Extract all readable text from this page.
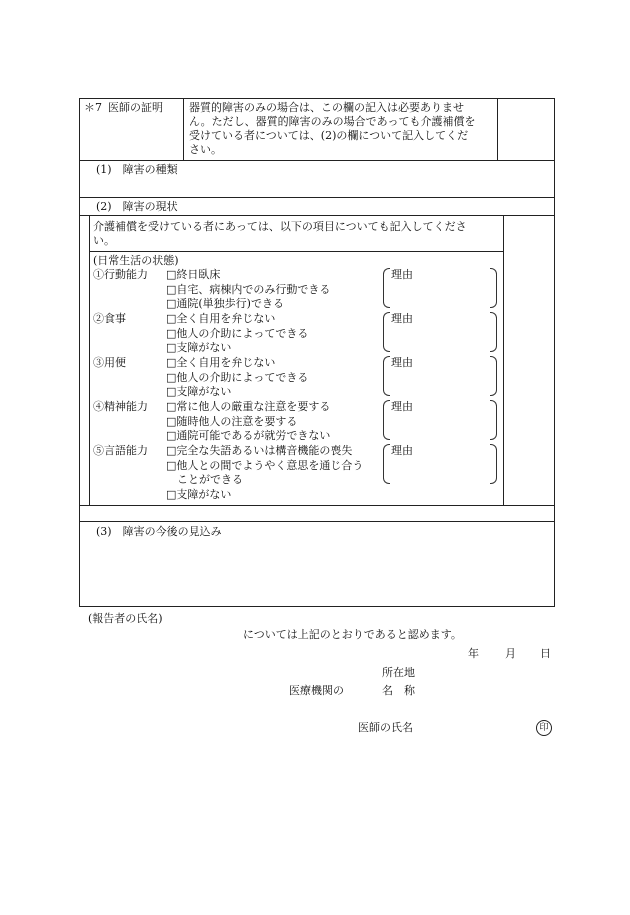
＊7 医師の証明 器質的障害のみの場合は、この欄の記入は必要ありませ
ん。ただし、器質的障害のみの場合であっても介護補償を
受けている者については、(2)の欄について記入してくだ
さい。
(1)　障害の種類
(2)　障害の現状
介護補償を受けている者にあっては、以下の項目についても記入してくださ
い。
(日常生活の状態)
①行動能力 □終日臥床
□自宅、病棟内でのみ行動できる
□通院(単独歩行)できる
理由
②食事	□全く自用を弁じない
□他人の介助によってできる
□支障がない
理由
③用便	□全く自用を弁じない
□他人の介助によってできる
□支障がない
理由
④精神能力 □常に他人の厳重な注意を要する
□随時他人の注意を要する
□通院可能であるが就労できない
理由
⑤言語能力 □完全な失語あるいは構音機能の喪失
□他人との間でようやく意思を通じ合う
　ことができる
□支障がない
理由
(3)　障害の今後の見込み
(報告者の氏名)
については上記のとおりであると認めます。
年 月 日
所在地
医療機関の	名　称
医師の氏名	印
